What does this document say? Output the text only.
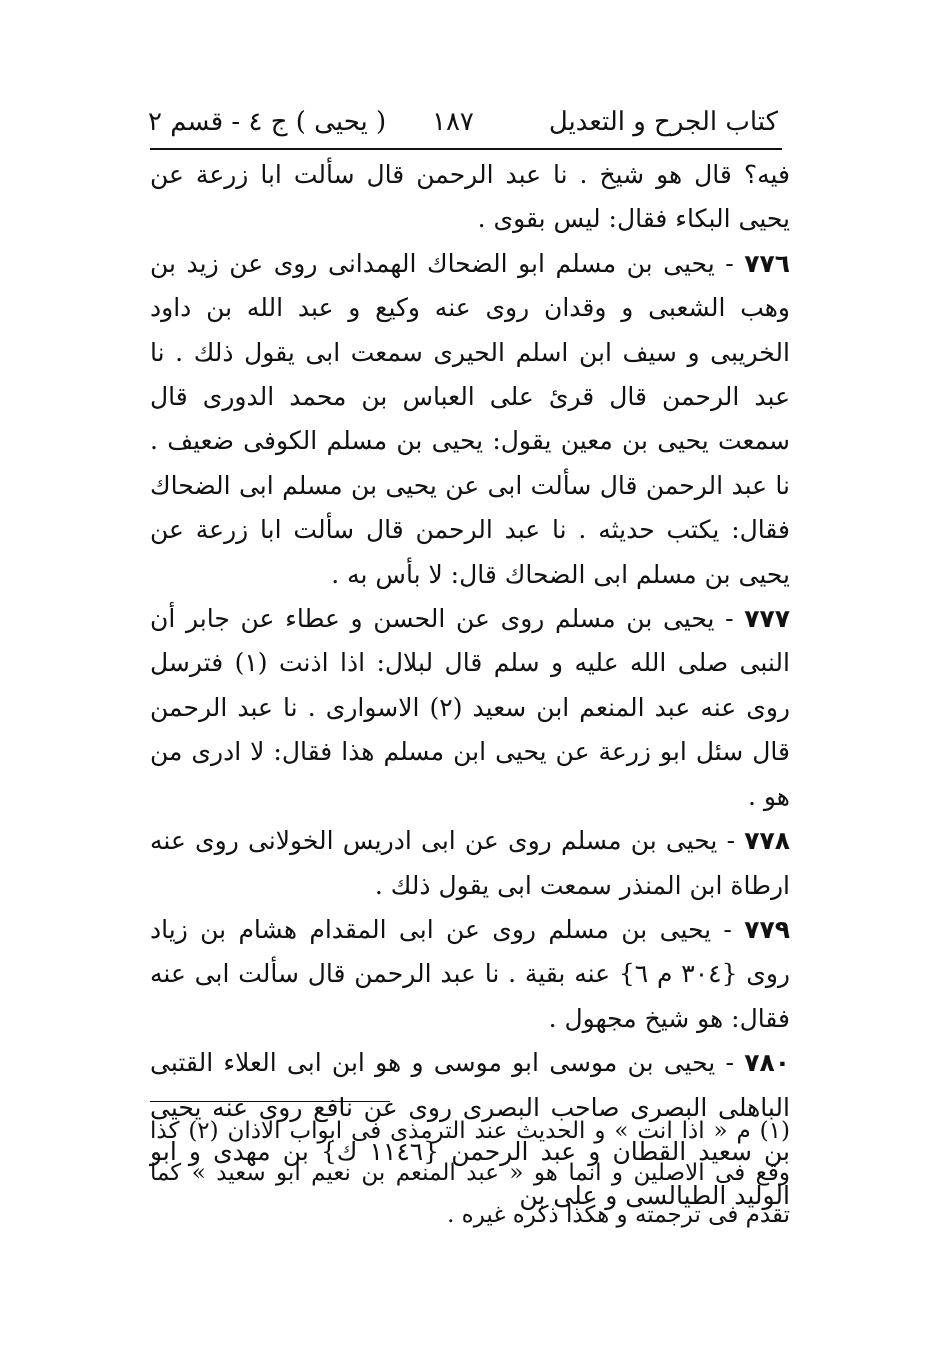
كتاب الجرح و التعديل
١٨٧
( يحيى ) ج ٤ - قسم ٢

فيه؟ قال هو شيخ . نا عبد الرحمن قال سألت ابا زرعة عن يحيى البكاء فقال: ليس بقوى .

٧٧٦ - يحيى بن مسلم ابو الضحاك الهمدانى روى عن زيد بن وهب الشعبى و وقدان روى عنه وكيع و عبد الله بن داود الخريبى و سيف ابن اسلم الحيرى سمعت ابى يقول ذلك . نا عبد الرحمن قال قرئ على العباس بن محمد الدورى قال سمعت يحيى بن معين يقول: يحيى بن مسلم الكوفى ضعيف . نا عبد الرحمن قال سألت ابى عن يحيى بن مسلم ابى الضحاك فقال: يكتب حديثه . نا عبد الرحمن قال سألت ابا زرعة عن يحيى بن مسلم ابى الضحاك قال: لا بأس به .

٧٧٧ - يحيى بن مسلم روى عن الحسن و عطاء عن جابر أن النبى صلى الله عليه و سلم قال لبلال: اذا اذنت (١) فترسل روى عنه عبد المنعم ابن سعيد (٢) الاسوارى . نا عبد الرحمن قال سئل ابو زرعة عن يحيى ابن مسلم هذا فقال: لا ادرى من هو .

٧٧٨ - يحيى بن مسلم روى عن ابى ادريس الخولانى روى عنه ارطاة ابن المنذر سمعت ابى يقول ذلك .

٧٧٩ - يحيى بن مسلم روى عن ابى المقدام هشام بن زياد روى {٣٠٤ م ٦} عنه بقية . نا عبد الرحمن قال سألت ابى عنه فقال: هو شيخ مجهول .

٧٨٠ - يحيى بن موسى ابو موسى و هو ابن ابى العلاء القتبى الباهلى البصرى صاحب البصرى روى عن نافع روى عنه يحيى بن سعيد القطان و عبد الرحمن {١١٤٦ ك} بن مهدى و ابو الوليد الطيالسى و على بن

(١) م « اذا انت » و الحديث عند الترمذى فى ابواب الاذان (٢) كذا وقع فى الاصلين و انما هو « عبد المنعم بن نعيم ابو سعيد » كما تقدم فى ترجمته و هكذا ذكره غيره .
